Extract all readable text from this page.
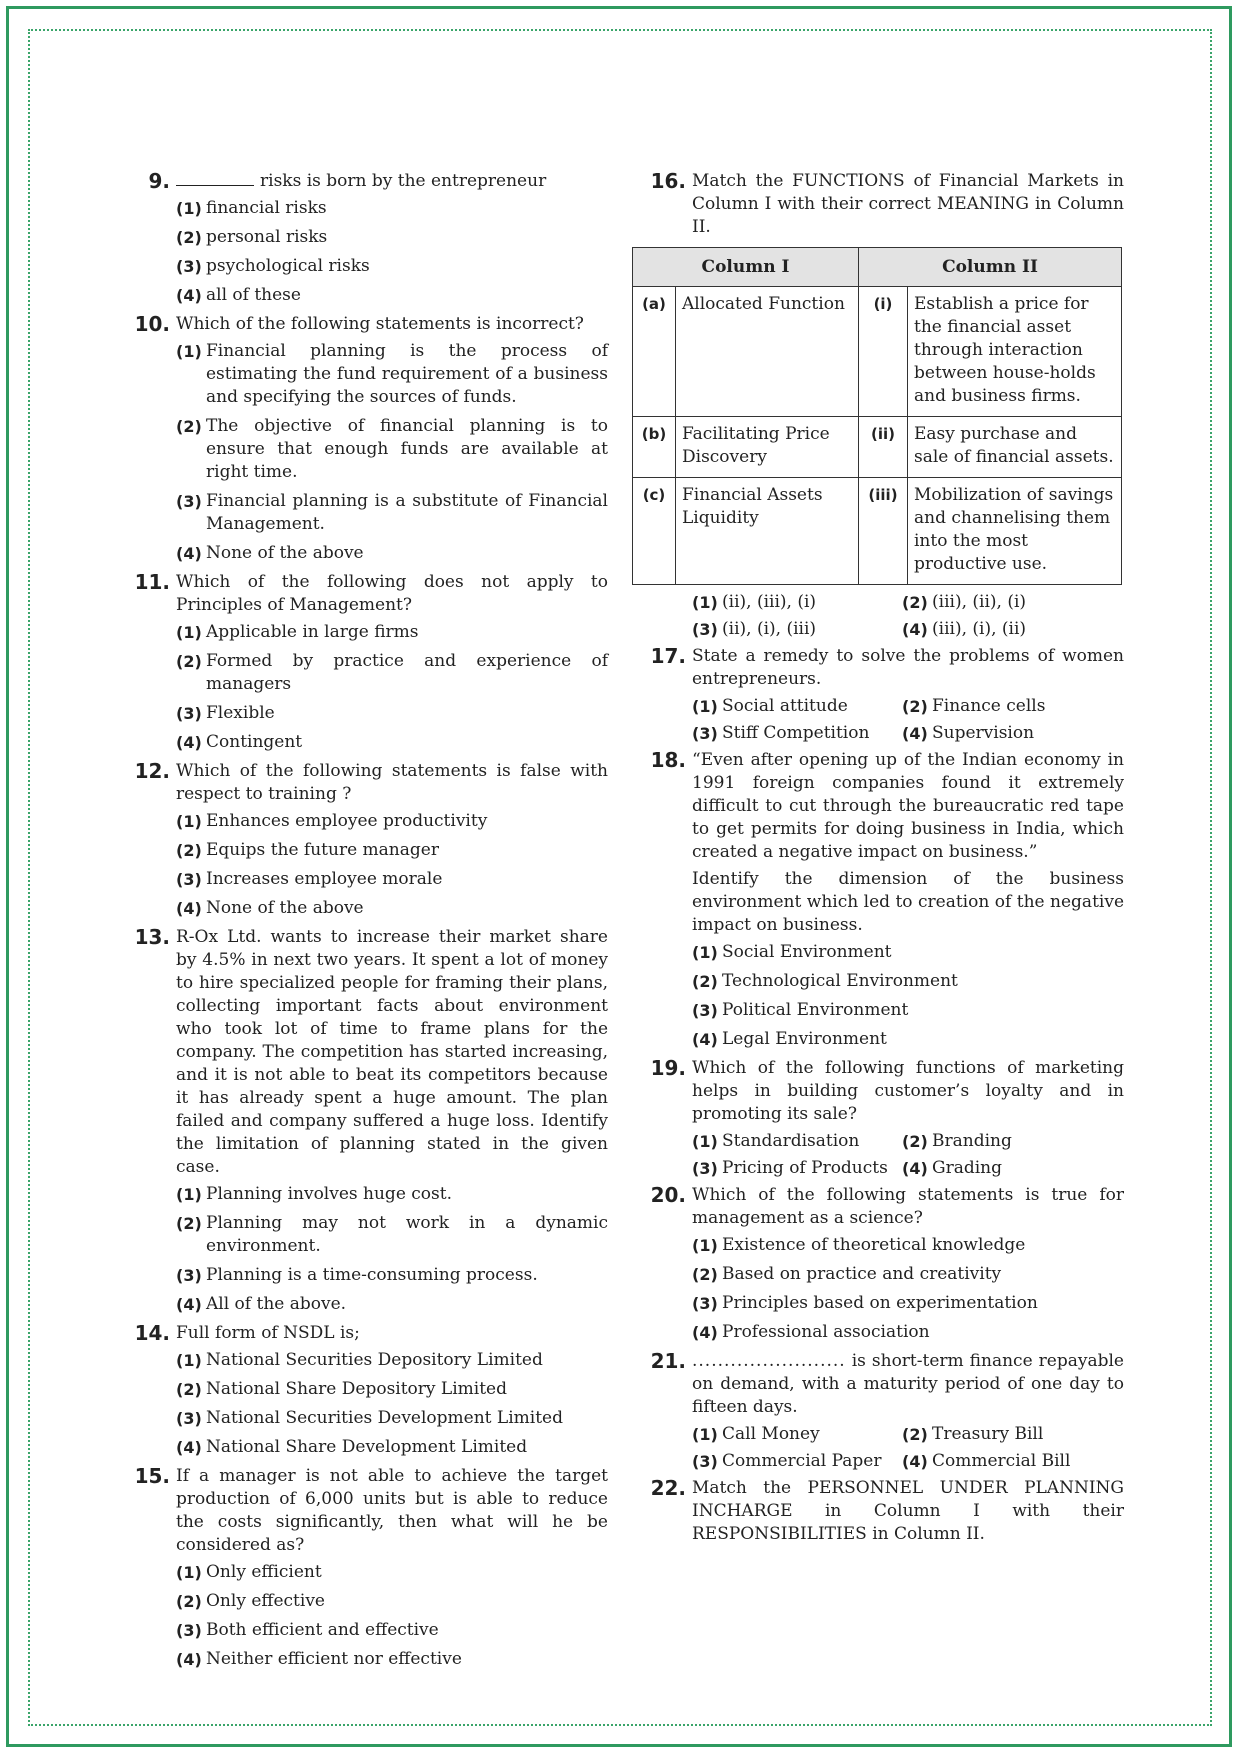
9.	risks is born by the entrepreneur
(1) financial risks
(2) personal risks
(3) psychological risks
(4) all of these
10. Which of the following statements is incorrect?
(1) Financial planning is the process of estimating the fund requirement of a business and specifying the sources of funds.
(2) The objective of financial planning is to ensure that enough funds are available at right time.
(3) Financial planning is a substitute of Financial Management.
(4) None of the above
11. Which of the following does not apply to Principles of Management?
(1) Applicable in large firms
(2) Formed by practice and experience of managers
(3) Flexible
(4) Contingent
12. Which of the following statements is false with respect to training ?
(1) Enhances employee productivity
(2) Equips the future manager
(3) Increases employee morale
(4) None of the above
13. R-Ox Ltd. wants to increase their market share by 4.5% in next two years. It spent a lot of money to hire specialized people for framing their plans, collecting important facts about environment who took lot of time to frame plans for the company. The competition has started increasing, and it is not able to beat its competitors because it has already spent a huge amount. The plan failed and company suffered a huge loss. Identify the limitation of planning stated in the given case.
(1) Planning involves huge cost.
(2) Planning may not work in a dynamic environment.
(3) Planning is a time-consuming process.
(4) All of the above.
14. Full form of NSDL is;
(1) National Securities Depository Limited
(2) National Share Depository Limited
(3) National Securities Development Limited
(4) National Share Development Limited
15. If a manager is not able to achieve the target production of 6,000 units but is able to reduce the costs significantly, then what will he be considered as?
(1) Only efficient
(2) Only effective
(3) Both efficient and effective
(4) Neither efficient nor effective
16. Match the FUNCTIONS of Financial Markets in Column I with their correct MEANING in Column II.
Column I		Column II	
(a)	Allocated Function	(i)	Establish a price for the financial asset through interaction between house-holds and business firms.
(b)	Facilitating Price Discovery	(ii)	Easy purchase and sale of financial assets.
(c)	Financial Assets Liquidity	(iii)	Mobilization of savings and channelising them into the most productive use.
(1) (ii), (iii), (i)	(2) (iii), (ii), (i)
(3) (ii), (i), (iii)	(4) (iii), (i), (ii)
17. State a remedy to solve the problems of women entrepreneurs.
(1) Social attitude	(2) Finance cells
(3) Stiff Competition	(4) Supervision
18. “Even after opening up of the Indian economy in 1991 foreign companies found it extremely difficult to cut through the bureaucratic red tape to get permits for doing business in India, which created a negative impact on business.”
Identify the dimension of the business environment which led to creation of the negative impact on business.
(1) Social Environment
(2) Technological Environment
(3) Political Environment
(4) Legal Environment
19. Which of the following functions of marketing helps in building customer’s loyalty and in promoting its sale?
(1) Standardisation	(2) Branding
(3) Pricing of Products (4) Grading
20. Which of the following statements is true for management as a science?
(1) Existence of theoretical knowledge
(2) Based on practice and creativity
(3) Principles based on experimentation
(4) Professional association
21. ........................ is short-term finance repayable on demand, with a maturity period of one day to fifteen days.
(1) Call Money	(2) Treasury Bill
(3) Commercial Paper	(4) Commercial Bill
22. Match the PERSONNEL UNDER PLANNING INCHARGE in Column I with their RESPONSIBILITIES in Column II.
